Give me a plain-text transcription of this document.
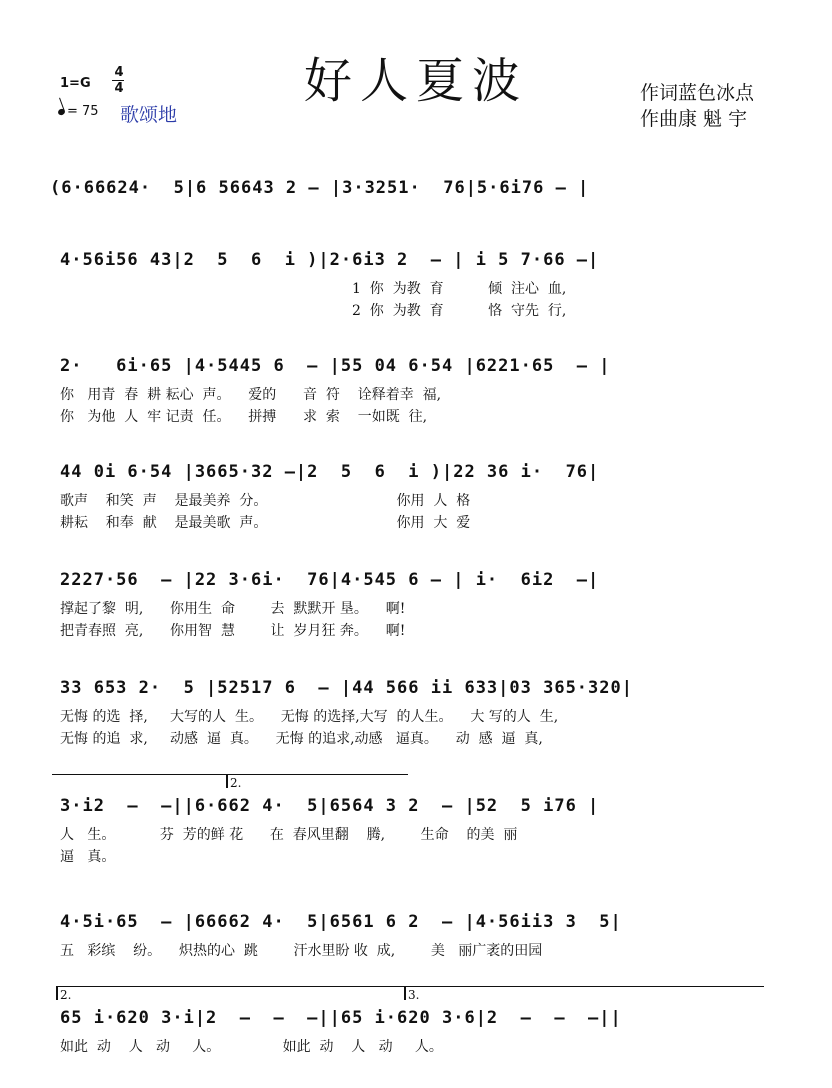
好人夏波
1=G
4
4
= 75 歌颂地
作词蓝色冰点
作曲康 魁 宇
(6·66624·  5|6 56643 2 – |3·3251·  76|5·6i76 – |
4·56i56 43|2  5  6  i )|2·6i3 2  – | i 5 7·66 –|
1  你  为教  育          倾  注心  血,
2  你  为教  育          恪  守先  行,
2·   6i·65 |4·5445 6  – |55 04 6·54 |6221·65  – |
你   用青  春  耕 耘心  声。    爱的      音  符    诠释着幸  福,
你   为他  人  牢 记责  任。    拼搏      求  索    一如既  往,
44 0i 6·54 |3665·32 –|2  5  6  i )|22 36 i·  76|
歌声    和笑  声    是最美养  分。                             你用  人  格
耕耘    和奉  献    是最美歌  声。                             你用  大  爱
2227·56  – |22 3·6i·  76|4·545 6 – | i·  6i2  –|
撑起了黎  明,      你用生  命        去  默默开 垦。    啊!
把青春照  亮,      你用智  慧        让  岁月狂 奔。    啊!
33 653 2·  5 |52517 6  – |44 566 ii 633|03 365·320|
无悔 的选  择,     大写的人  生。    无悔 的选择,大写  的人生。    大 写的人  生,
无悔 的追  求,     动感  逼  真。    无悔 的追求,动感   逼真。    动  感  逼  真,
2.
3·i2  –  –||6·662 4·  5|6564 3 2  – |52  5 i76 |
人   生。          芬  芳的鲜 花      在  春风里翻    腾,        生命    的美  丽
逼   真。
4·5i·65  – |66662 4·  5|6561 6 2  – |4·56ii3 3  5|
五   彩缤    纷。    炽热的心  跳        汗水里盼 收  成,        美   丽广袤的田园
2.	3.
65 i·620 3·i|2  –  –  –||65 i·620 3·6|2  –  –  –||
如此  动    人   动     人。              如此  动    人   动     人。
